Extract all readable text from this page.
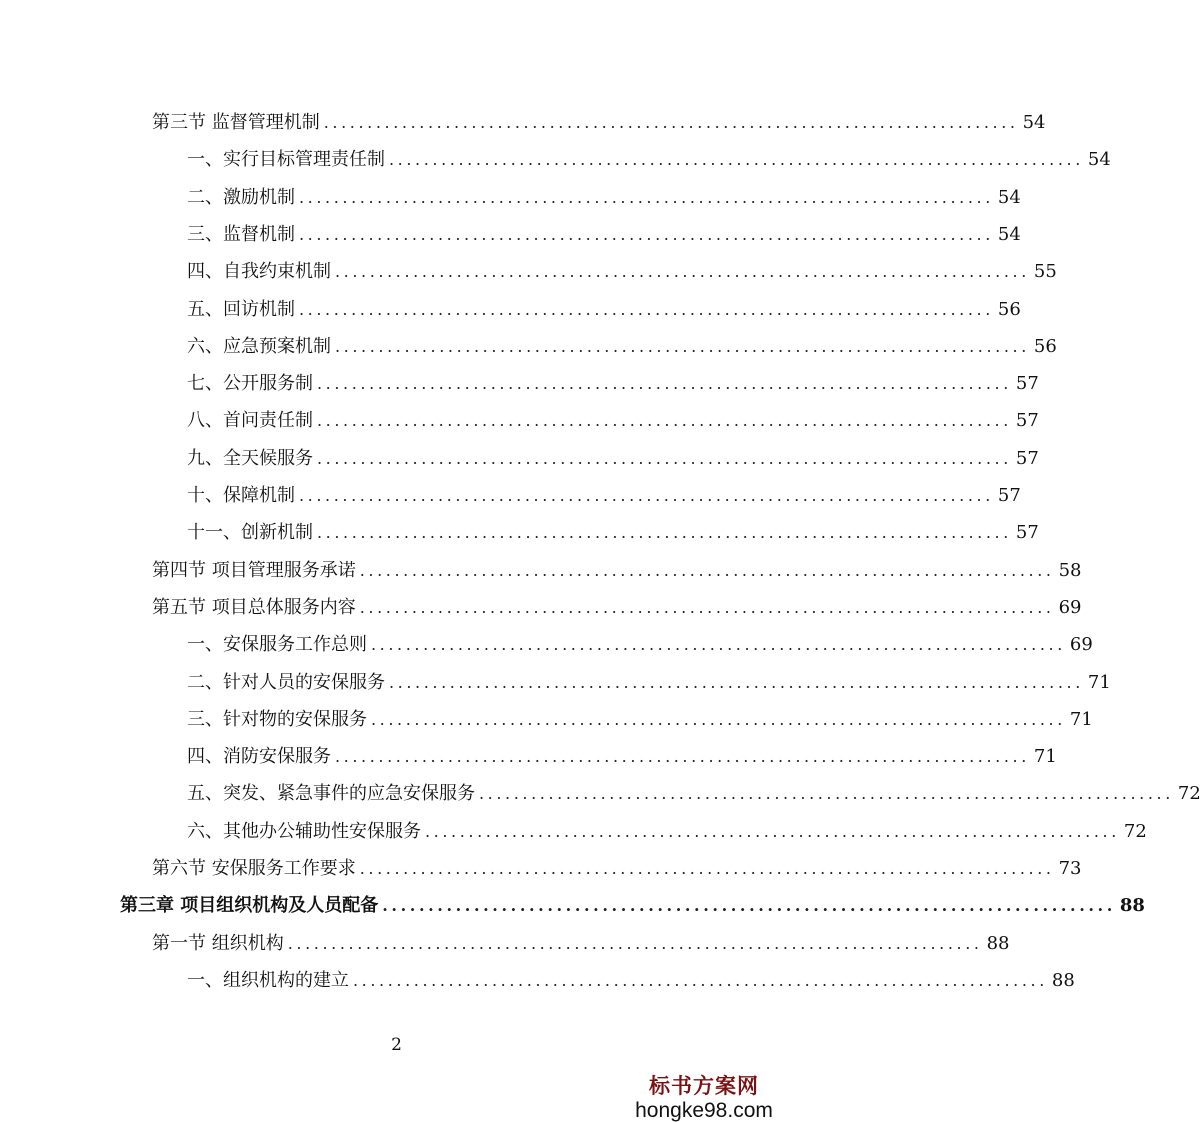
第三节 监督管理机制 ................................................................................ 54
一、实行目标管理责任制 ................................................................................ 54
二、激励机制 ................................................................................ 54
三、监督机制 ................................................................................ 54
四、自我约束机制 ................................................................................ 55
五、回访机制 ................................................................................ 56
六、应急预案机制 ................................................................................ 56
七、公开服务制 ................................................................................ 57
八、首问责任制 ................................................................................ 57
九、全天候服务 ................................................................................ 57
十、保障机制 ................................................................................ 57
十一、创新机制 ................................................................................ 57
第四节 项目管理服务承诺 ................................................................................ 58
第五节 项目总体服务内容 ................................................................................ 69
一、安保服务工作总则 ................................................................................ 69
二、针对人员的安保服务 ................................................................................ 71
三、针对物的安保服务 ................................................................................ 71
四、消防安保服务 ................................................................................ 71
五、突发、紧急事件的应急安保服务 ................................................................................ 72
六、其他办公辅助性安保服务 ................................................................................ 72
第六节 安保服务工作要求 ................................................................................ 73
第三章 项目组织机构及人员配备 ................................................................................ 88
第一节 组织机构 ................................................................................ 88
一、组织机构的建立 ................................................................................ 88
2
标书方案网
hongke98.com
